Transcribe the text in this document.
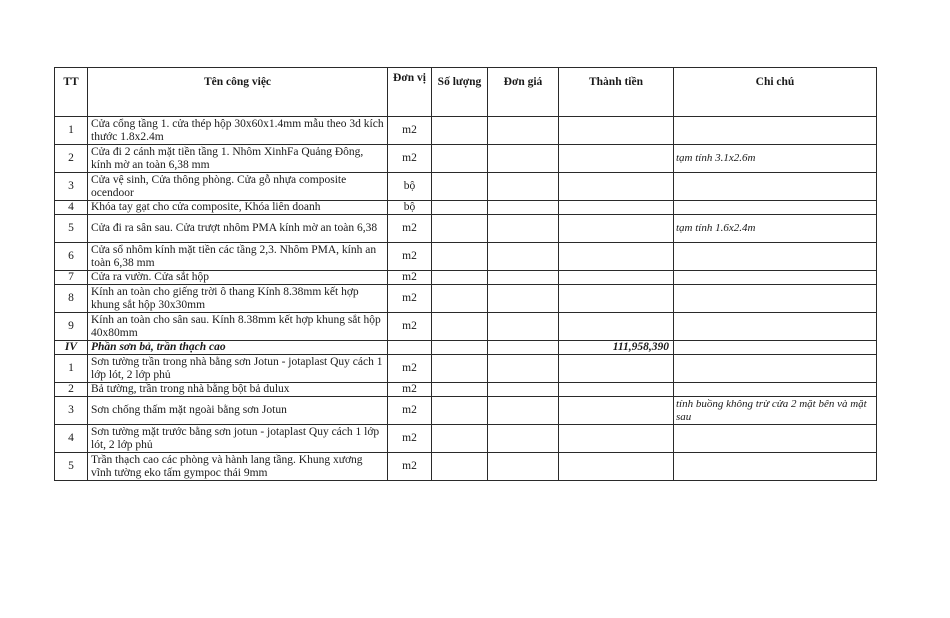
TT	Tên công việc	Đơn vị	Số lượng	Đơn giá	Thành tiền	Chi chú
1	Cửa cổng tầng 1. cửa thép hộp 30x60x1.4mm mẫu theo 3d kích thước 1.8x2.4m	m2				
2	Cửa đi 2 cánh mặt tiền tầng 1. Nhôm XinhFa Quảng Đông, kính mờ an toàn 6,38 mm	m2				tạm tính 3.1x2.6m
3	Cửa vệ sinh, Cửa thông phòng. Cửa gỗ nhựa composite ocendoor	bộ				
4	Khóa tay gạt cho cửa composite, Khóa liên doanh	bộ				
5	Cửa đi ra sân sau. Cửa trượt nhôm PMA kính mờ an toàn 6,38	m2				tạm tính 1.6x2.4m
6	Cửa sổ nhôm kính mặt tiền các tầng 2,3. Nhôm PMA, kính an toàn 6,38 mm	m2				
7	Cửa ra vườn. Cửa sắt hộp	m2				
8	Kính an toàn cho giếng trời ô thang Kính 8.38mm kết hợp khung sắt hộp 30x30mm	m2				
9	Kính an toàn cho sân sau. Kính 8.38mm kết hợp khung sắt hộp 40x80mm	m2				
IV	Phần sơn bả, trần thạch cao				111,958,390	
1	Sơn tường trần trong nhà bằng sơn Jotun - jotaplast Quy cách 1 lớp lót, 2 lớp phủ	m2				
2	Bả tường, trần trong nhà bằng bột bả dulux	m2				
3	Sơn chống thấm mặt ngoài bằng sơn Jotun	m2				tính buồng không trừ cửa 2 mặt bên và mặt sau
4	Sơn tường mặt trước bằng sơn jotun - jotaplast Quy cách 1 lớp lót, 2 lớp phủ	m2				
5	Trần thạch cao các phòng và hành lang tầng. Khung xương vĩnh tường eko tấm gympoc thái 9mm	m2				
